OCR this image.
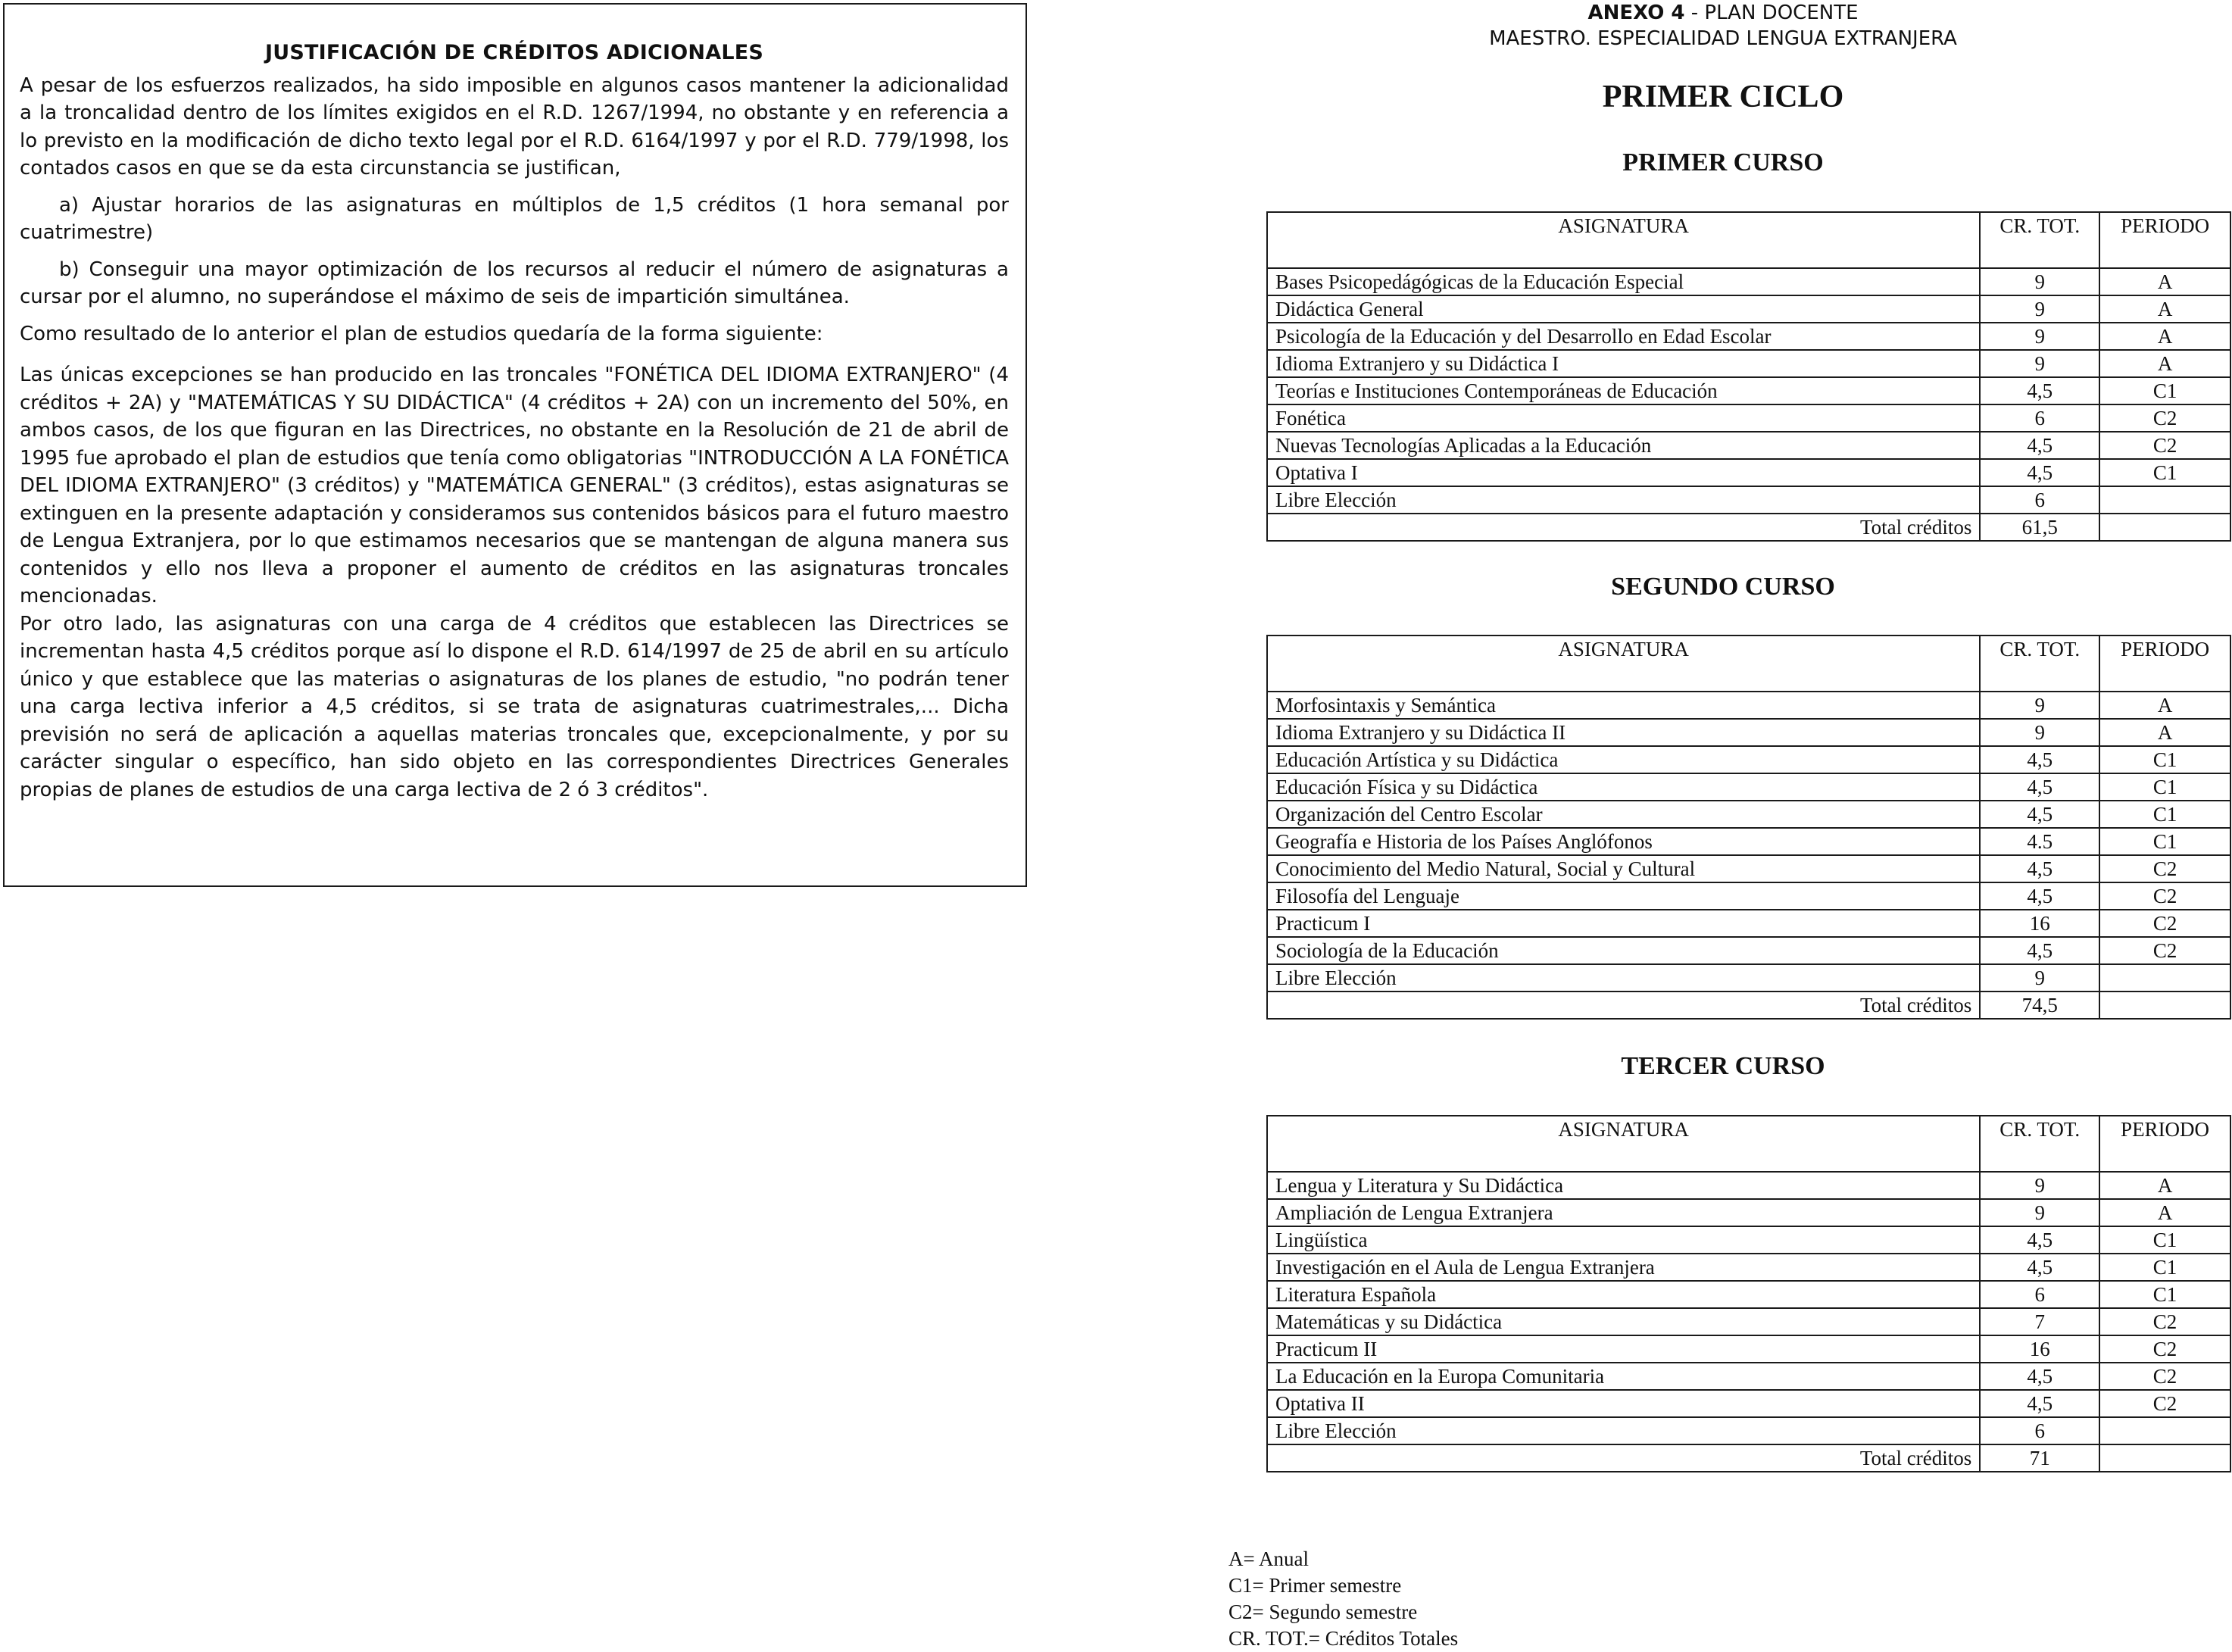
JUSTIFICACIÓN DE CRÉDITOS ADICIONALES

A pesar de los esfuerzos realizados, ha sido imposible en algunos casos mantener la adicionalidad a la troncalidad dentro de los límites exigidos en el R.D. 1267/1994, no obstante y en referencia a lo previsto en la modificación de dicho texto legal por el R.D. 6164/1997 y por el R.D. 779/1998, los contados casos en que se da esta circunstancia se justifican,

a) Ajustar horarios de las asignaturas en múltiplos de 1,5 créditos (1 hora semanal por cuatrimestre)

b) Conseguir una mayor optimización de los recursos al reducir el número de asignaturas a cursar por el alumno, no superándose el máximo de seis de impartición simultánea.

Como resultado de lo anterior el plan de estudios quedaría de la forma siguiente:

Las únicas excepciones se han producido en las troncales "FONÉTICA DEL IDIOMA EXTRANJERO" (4 créditos + 2A) y "MATEMÁTICAS Y SU DIDÁCTICA" (4 créditos + 2A) con un incremento del 50%, en ambos casos, de los que figuran en las Directrices, no obstante en la Resolución de 21 de abril de 1995 fue aprobado el plan de estudios que tenía como obligatorias "INTRODUCCIÓN A LA FONÉTICA DEL IDIOMA EXTRANJERO" (3 créditos) y "MATEMÁTICA GENERAL" (3 créditos), estas asignaturas se extinguen en la presente adaptación y consideramos sus contenidos básicos para el futuro maestro de Lengua Extranjera, por lo que estimamos necesarios que se mantengan de alguna manera sus contenidos y ello nos lleva a proponer el aumento de créditos en las asignaturas troncales mencionadas.

Por otro lado, las asignaturas con una carga de 4 créditos que establecen las Directrices se incrementan hasta 4,5 créditos porque así lo dispone el R.D. 614/1997 de 25 de abril en su artículo único y que establece que las materias o asignaturas de los planes de estudio, "no podrán tener una carga lectiva inferior a 4,5 créditos, si se trata de asignaturas cuatrimestrales,... Dicha previsión no será de aplicación a aquellas materias troncales que, excepcionalmente, y por su carácter singular o específico, han sido objeto en las correspondientes Directrices Generales propias de planes de estudios de una carga lectiva de 2 ó 3 créditos".

ANEXO 4 - PLAN DOCENTE
MAESTRO. ESPECIALIDAD LENGUA EXTRANJERA
PRIMER CICLO
PRIMER CURSO
SEGUNDO CURSO
TERCER CURSO
ASIGNATURA	CR. TOT.	PERIODO
Bases Psicopedágógicas de la Educación Especial	9	A
Didáctica General	9	A
Psicología de la Educación y del Desarrollo en Edad Escolar	9	A
Idioma Extranjero y su Didáctica I	9	A
Teorías e Instituciones Contemporáneas de Educación	4,5	C1
Fonética	6	C2
Nuevas Tecnologías Aplicadas a la Educación	4,5	C2
Optativa I	4,5	C1
Libre Elección	6	
Total créditos	61,5	
ASIGNATURA	CR. TOT.	PERIODO
Morfosintaxis y Semántica	9	A
Idioma Extranjero y su Didáctica II	9	A
Educación Artística y su Didáctica	4,5	C1
Educación Física y su Didáctica	4,5	C1
Organización del Centro Escolar	4,5	C1
Geografía e Historia de los Países Anglófonos	4.5	C1
Conocimiento del Medio Natural, Social y Cultural	4,5	C2
Filosofía del Lenguaje	4,5	C2
Practicum I	16	C2
Sociología de la Educación	4,5	C2
Libre Elección	9	
Total créditos	74,5	
ASIGNATURA	CR. TOT.	PERIODO
Lengua y Literatura y Su Didáctica	9	A
Ampliación de Lengua Extranjera	9	A
Lingüística	4,5	C1
Investigación en el Aula de Lengua Extranjera	4,5	C1
Literatura Española	6	C1
Matemáticas y su Didáctica	7	C2
Practicum II	16	C2
La Educación en la Europa Comunitaria	4,5	C2
Optativa II	4,5	C2
Libre Elección	6	
Total créditos	71	
A= Anual
C1= Primer semestre
C2= Segundo semestre
CR. TOT.= Créditos Totales
